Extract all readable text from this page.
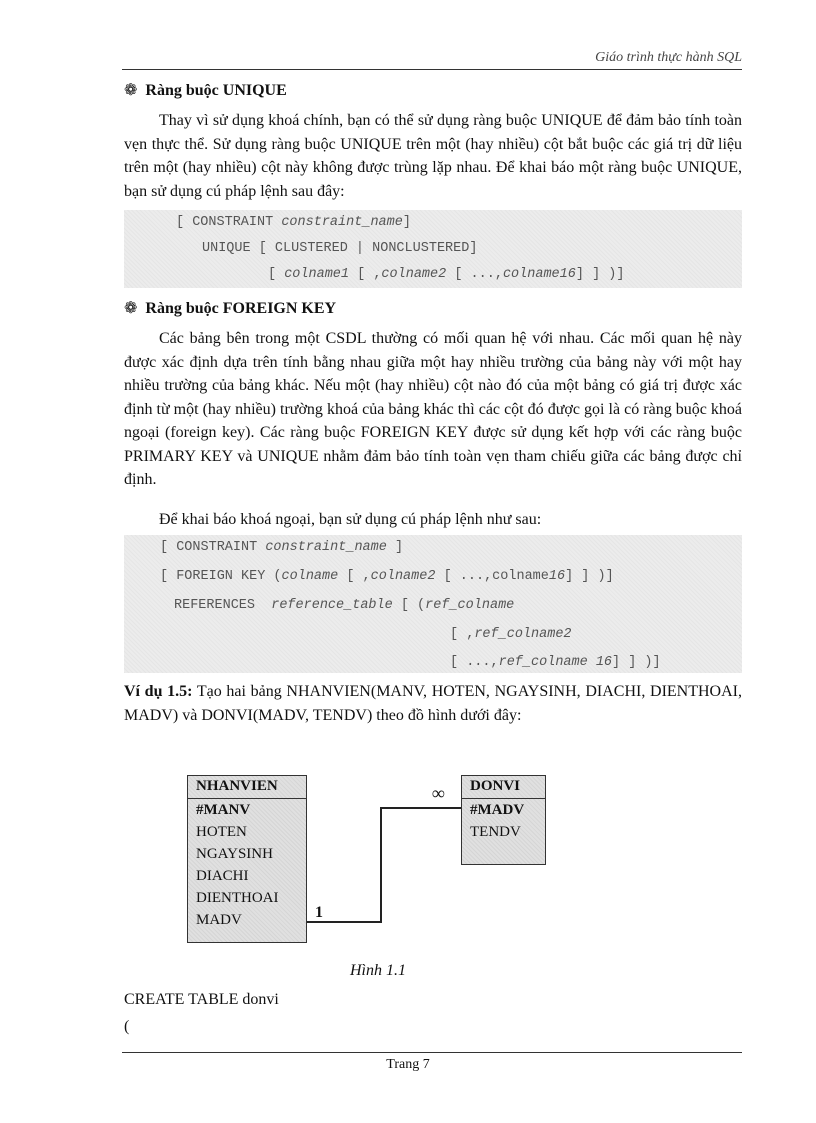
Giáo trình thực hành SQL
❁ Ràng buộc UNIQUE
Thay vì sử dụng khoá chính, bạn có thể sử dụng ràng buộc UNIQUE để đảm bảo tính toàn vẹn thực thể. Sử dụng ràng buộc UNIQUE trên một (hay nhiều) cột bắt buộc các giá trị dữ liệu trên một (hay nhiều) cột này không được trùng lặp nhau. Để khai báo một ràng buộc UNIQUE, bạn sử dụng cú pháp lệnh sau đây:
[ CONSTRAINT constraint_name]
UNIQUE [ CLUSTERED | NONCLUSTERED]
[ colname1 [ ,colname2 [ ...,colname16] ] )]
❁ Ràng buộc FOREIGN KEY
Các bảng bên trong một CSDL thường có mối quan hệ với nhau. Các mối quan hệ này được xác định dựa trên tính bằng nhau giữa một hay nhiều trường của bảng này với một hay nhiều trường của bảng khác. Nếu một (hay nhiều) cột nào đó của một bảng có giá trị được xác định từ một (hay nhiều) trường khoá của bảng khác thì các cột đó được gọi là có ràng buộc khoá ngoại (foreign key). Các ràng buộc FOREIGN KEY được sử dụng kết hợp với các ràng buộc PRIMARY KEY và UNIQUE nhằm đảm bảo tính toàn vẹn tham chiếu giữa các bảng được chỉ định.
Để khai báo khoá ngoại, bạn sử dụng cú pháp lệnh như sau:
[ CONSTRAINT constraint_name ]
[ FOREIGN KEY (colname [ ,colname2 [ ...,colname16] ] )]
REFERENCES  reference_table [ (ref_colname
[ ,ref_colname2
[ ...,ref_colname 16] ] )]
Ví dụ 1.5: Tạo hai bảng NHANVIEN(MANV, HOTEN, NGAYSINH, DIACHI, DIENTHOAI, MADV) và DONVI(MADV, TENDV) theo đồ hình dưới đây:
NHANVIEN
#MANV
HOTEN
NGAYSINH
DIACHI
DIENTHOAI
MADV
DONVI
#MADV
TENDV
∞
1
Hình 1.1
CREATE TABLE donvi
(
Trang 7
